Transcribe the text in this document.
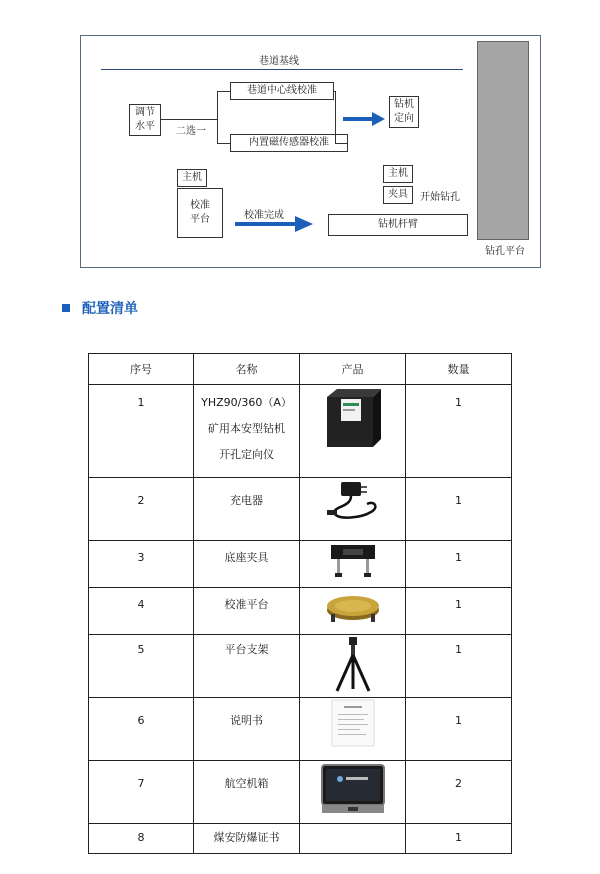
巷道基线
调节
水平	二选一
巷道中心线校准
内置磁传感器校准
钻机
定向
主机
校准
平台	校准完成
主机
夹具	开始钻孔
钻机杆臂
钻孔平台
配置清单
序号	名称	产品	数量

1	YHZ90/360（A）
矿用本安型钻机
开孔定向仪		1

2	充电器		1

3	底座夹具		1

4	校准平台		1

5	平台支架		1

6	说明书		1

7	航空机箱		2

8	煤安防爆证书		1
